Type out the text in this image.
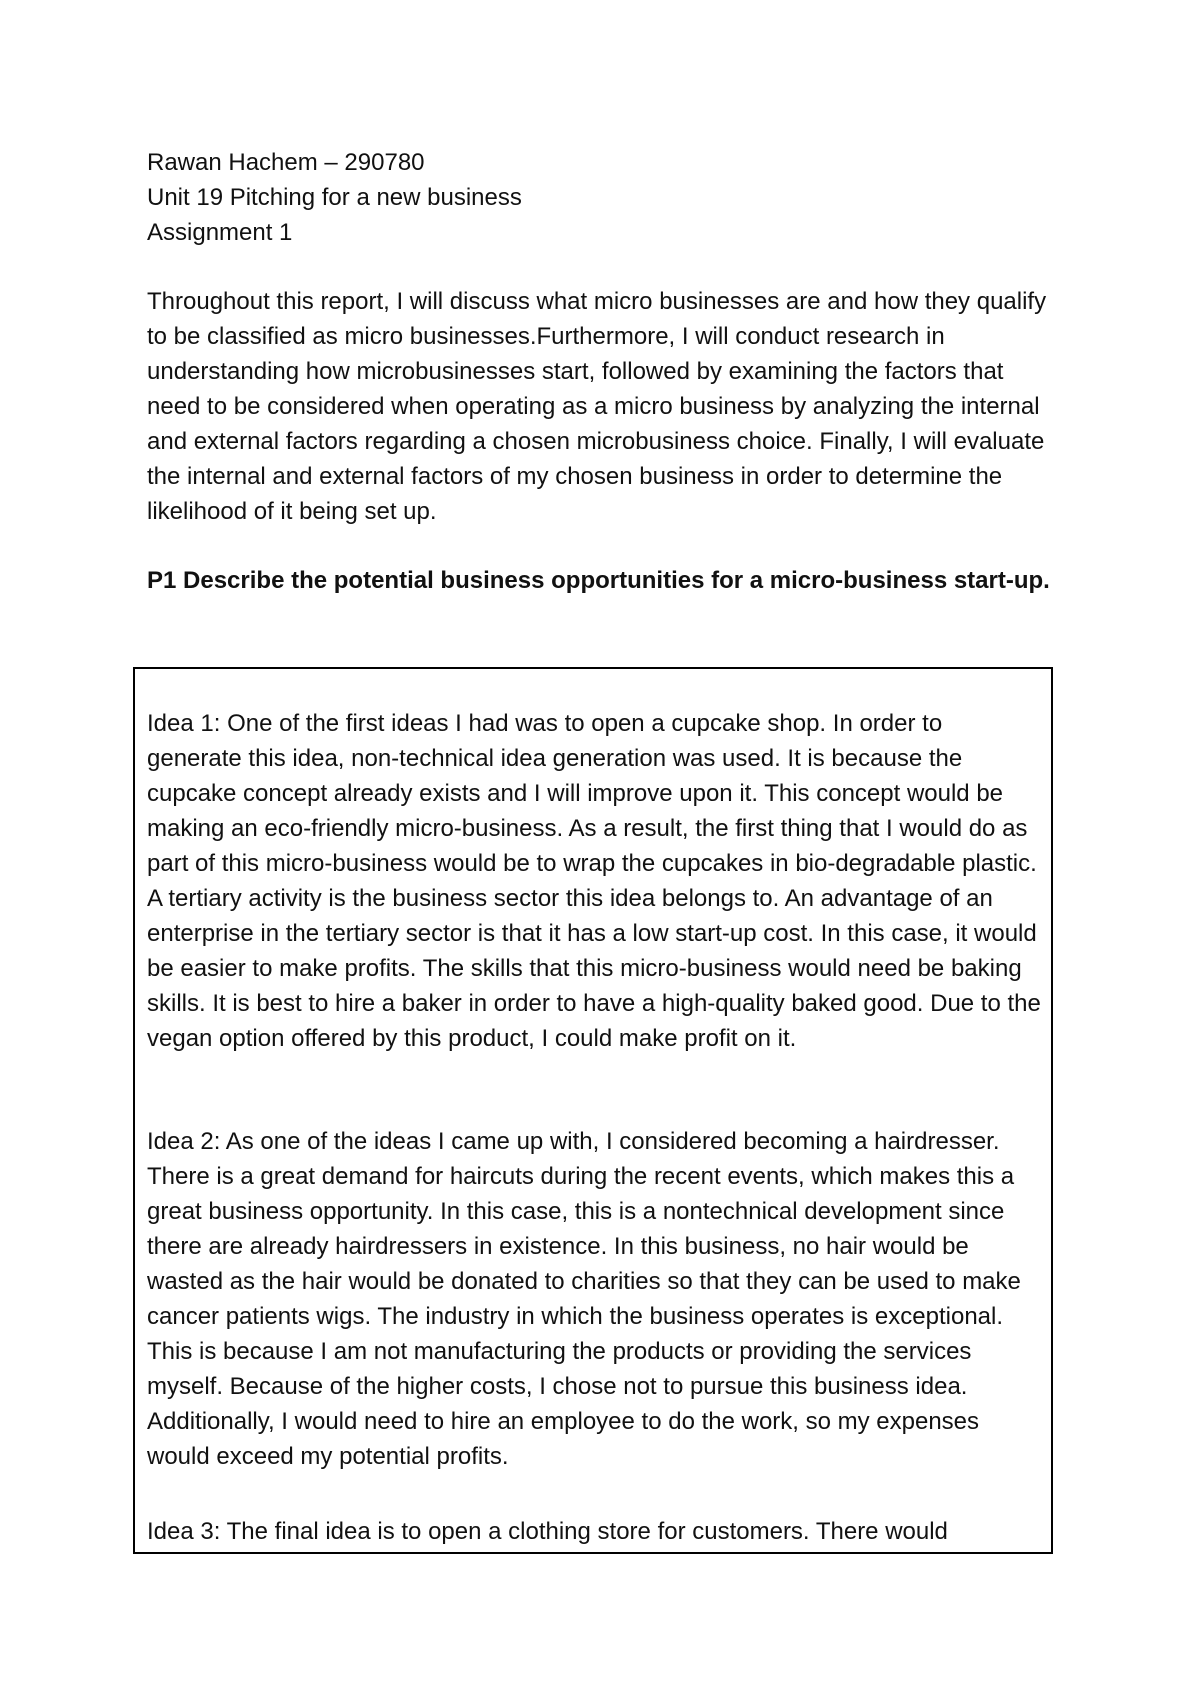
Rawan Hachem – 290780
Unit 19 Pitching for a new business
Assignment 1

Throughout this report, I will discuss what micro businesses are and how they qualify to be classified as micro businesses.Furthermore, I will conduct research in understanding how microbusinesses start, followed by examining the factors that need to be considered when operating as a micro business by analyzing the internal and external factors regarding a chosen microbusiness choice. Finally, I will evaluate the internal and external factors of my chosen business in order to determine the likelihood of it being set up.

P1 Describe the potential business opportunities for a micro-business start-up.

Idea 1: One of the first ideas I had was to open a cupcake shop. In order to generate this idea, non-technical idea generation was used. It is because the cupcake concept already exists and I will improve upon it. This concept would be making an eco-friendly micro-business. As a result, the first thing that I would do as part of this micro-business would be to wrap the cupcakes in bio-degradable plastic. A tertiary activity is the business sector this idea belongs to. An advantage of an enterprise in the tertiary sector is that it has a low start-up cost. In this case, it would be easier to make profits. The skills that this micro-business would need be baking skills. It is best to hire a baker in order to have a high-quality baked good. Due to the vegan option offered by this product, I could make profit on it.
Idea 2: As one of the ideas I came up with, I considered becoming a hairdresser. There is a great demand for haircuts during the recent events, which makes this a great business opportunity. In this case, this is a nontechnical development since there are already hairdressers in existence. In this business, no hair would be wasted as the hair would be donated to charities so that they can be used to make cancer patients wigs. The industry in which the business operates is exceptional. This is because I am not manufacturing the products or providing the services myself. Because of the higher costs, I chose not to pursue this business idea. Additionally, I would need to hire an employee to do the work, so my expenses would exceed my potential profits.
Idea 3: The final idea is to open a clothing store for customers. There would
